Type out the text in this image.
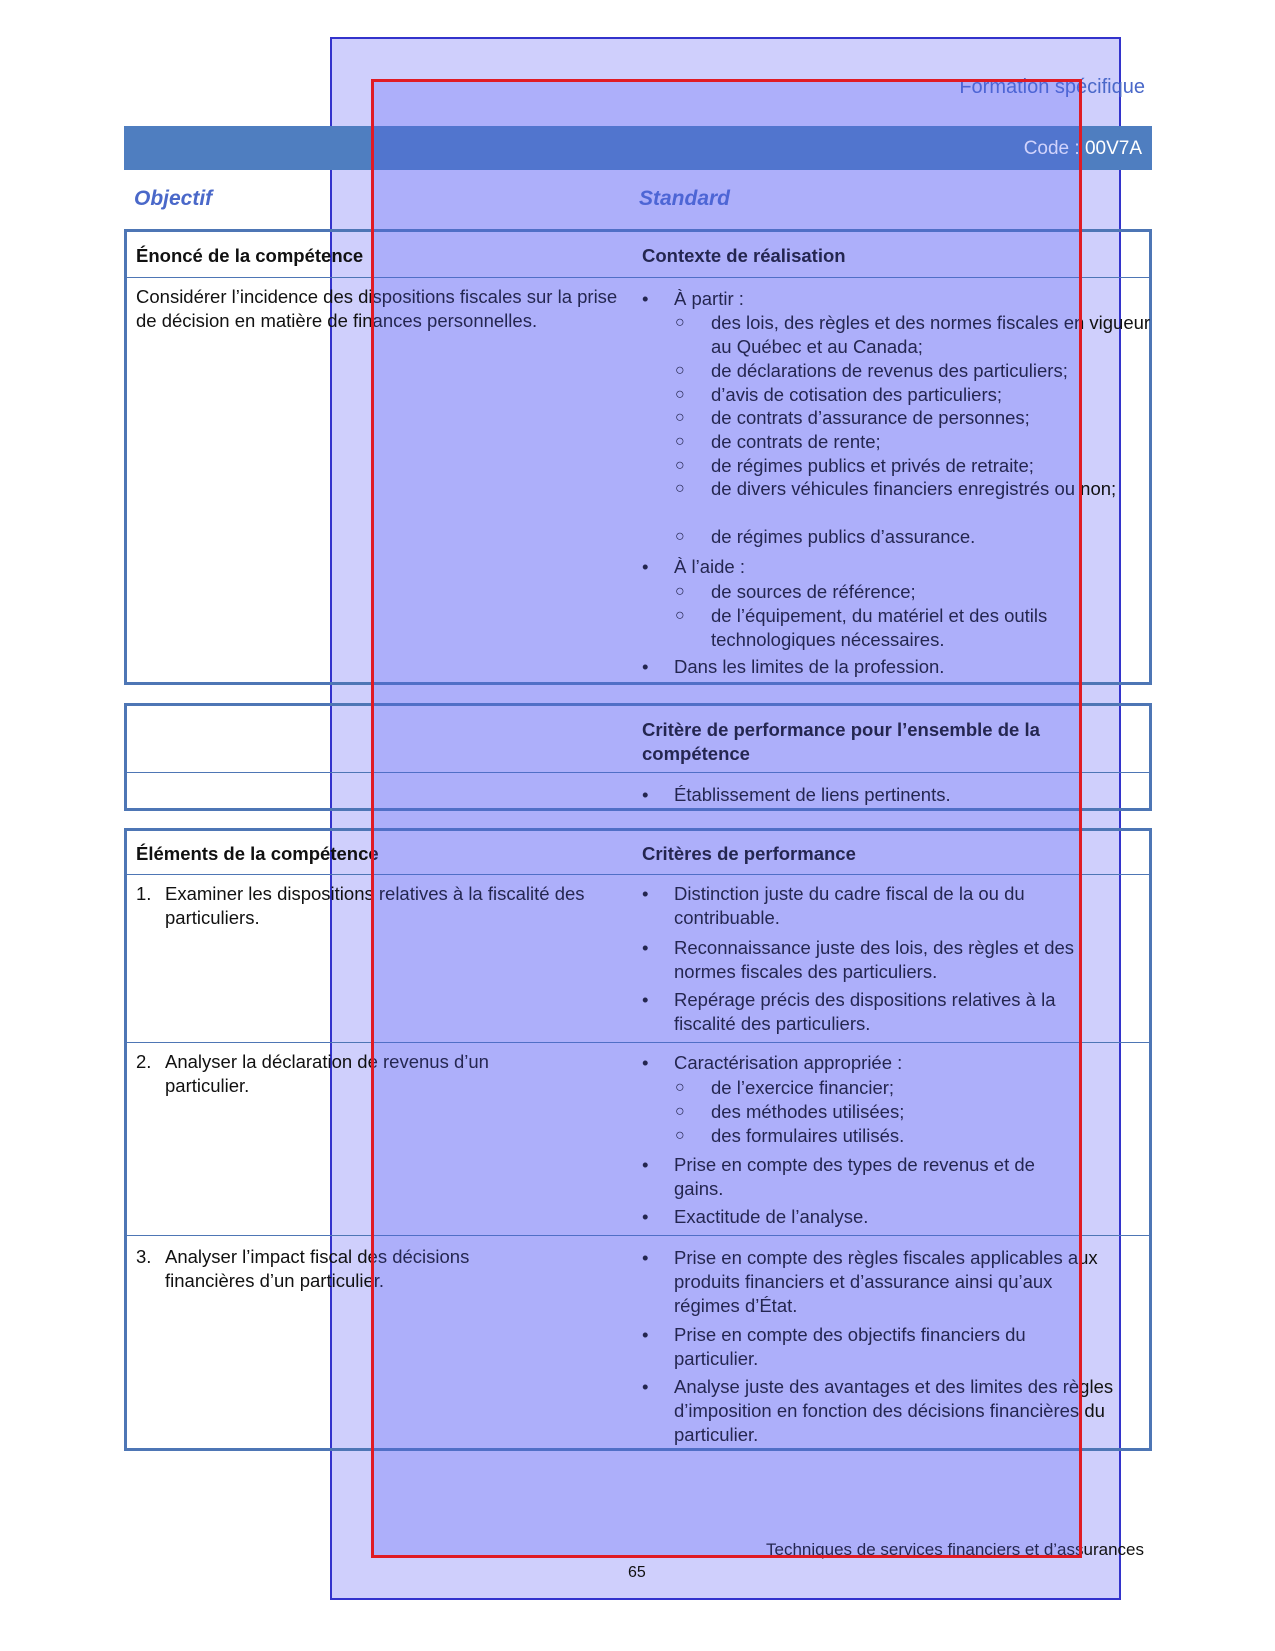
Formation spécifique
Code : 00V7A
Objectif	Standard
Énoncé de la compétence	Contexte de réalisation
Considérer l’incidence des dispositions fiscales sur la prise de décision en matière de finances personnelles.
•	À partir :
○	des lois, des règles et des normes fiscales en vigueur au Québec et au Canada;
○	de déclarations de revenus des particuliers;
○	d’avis de cotisation des particuliers;
○	de contrats d’assurance de personnes;
○	de contrats de rente;
○	de régimes publics et privés de retraite;
○	de divers véhicules financiers enregistrés ou non;
○	de régimes publics d’assurance.
•	À l’aide :
○	de sources de référence;
○	de l’équipement, du matériel et des outils technologiques nécessaires.
•	Dans les limites de la profession.
Critère de performance pour l’ensemble de la compétence
•	Établissement de liens pertinents.
Éléments de la compétence	Critères de performance
1. Examiner les dispositions relatives à la fiscalité des particuliers.
•	Distinction juste du cadre fiscal de la ou du contribuable.
•	Reconnaissance juste des lois, des règles et des normes fiscales des particuliers.
•	Repérage précis des dispositions relatives à la fiscalité des particuliers.
2. Analyser la déclaration de revenus d’un particulier.
•	Caractérisation appropriée :
○	de l’exercice financier;
○	des méthodes utilisées;
○	des formulaires utilisés.
•	Prise en compte des types de revenus et de gains.
•	Exactitude de l’analyse.
3. Analyser l’impact fiscal des décisions financières d’un particulier.
•	Prise en compte des règles fiscales applicables aux produits financiers et d’assurance ainsi qu’aux régimes d’État.
•	Prise en compte des objectifs financiers du particulier.
•	Analyse juste des avantages et des limites des règles d’imposition en fonction des décisions financières du particulier.
Techniques de services financiers et d’assurances
65
